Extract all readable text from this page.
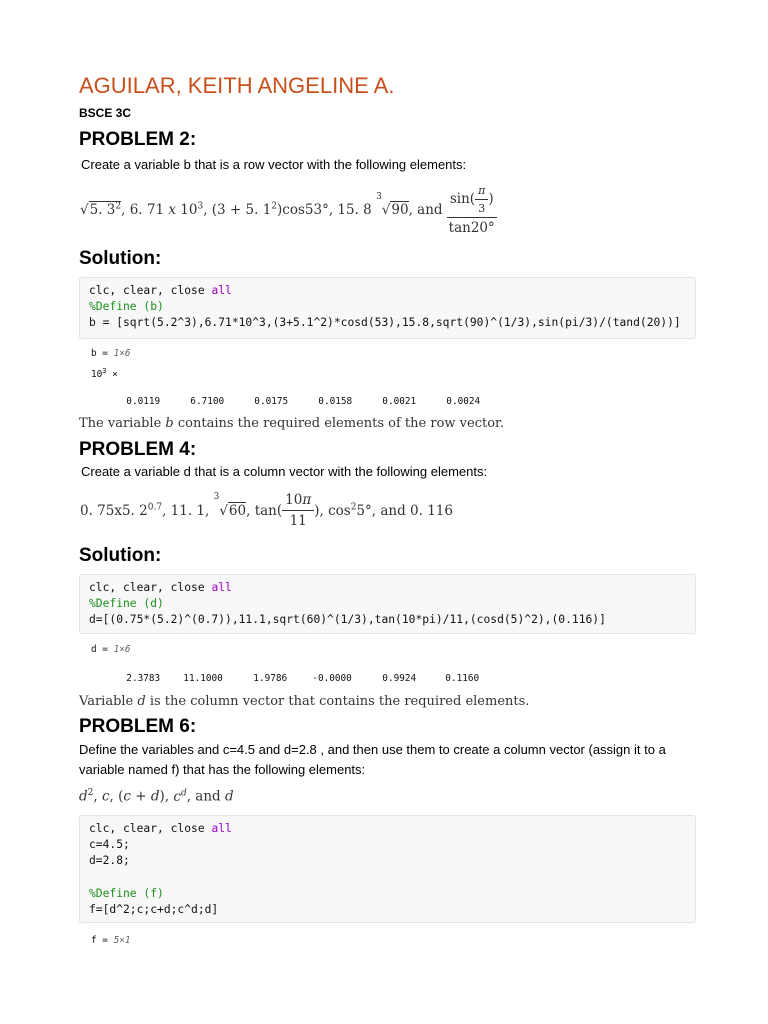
AGUILAR, KEITH ANGELINE A.
BSCE 3C
PROBLEM 2:
Create a variable b that is a row vector with the following elements:
√5. $3^2$, 6. 71 x $10^3$, (3 + 5. $1^2)\cos 53^\circ$, 15. 8 $^3$√90, and $\frac{\sin( \frac{\pi}{3} )}{\tan 20^\circ}$
Solution:
clc, clear, close all
%Define (b)
b = [sqrt(5.2^3),6.71*10^3,(3+5.1^2)*cosd(53),15.8,sqrt(90)^(1/3),sin(pi/3)/(tand(20))]
b = 1×6
$10^3$ ×

0.0119	6.7100	0.0175	0.0158	0.0021	0.0024

The variable b contains the required elements of the row vector.
PROBLEM 4:
Create a variable d that is a column vector with the following elements:
0. 75x5. $2^{0.7}$, 11. 1, $^3$√60, $\tan( \frac{10\pi}{11}$ ), $\cos^25^\circ$, and 0. 116
Solution:
clc, clear, close all
%Define (d)
d=[(0.75*(5.2)^(0.7)),11.1,sqrt(60)^(1/3),tan(10*pi)/11,(cosd(5)^2),(0.116)]
d = 1×6

2.3783 11.1000	1.9786	-0.0000	0.9924	0.1160

Variable d is the column vector that contains the required elements.
PROBLEM 6:
Define the variables and c=4.5 and d=2.8 , and then use them to create a column vector (assign it to a variable named f) that has the following elements:
$d^2$, c, (c + d), $c^d$, and d
clc, clear, close all
c=4.5;
d=2.8;
%Define (f)
f=[d^2;c;c+d;c^d;d]
f = 5×1
